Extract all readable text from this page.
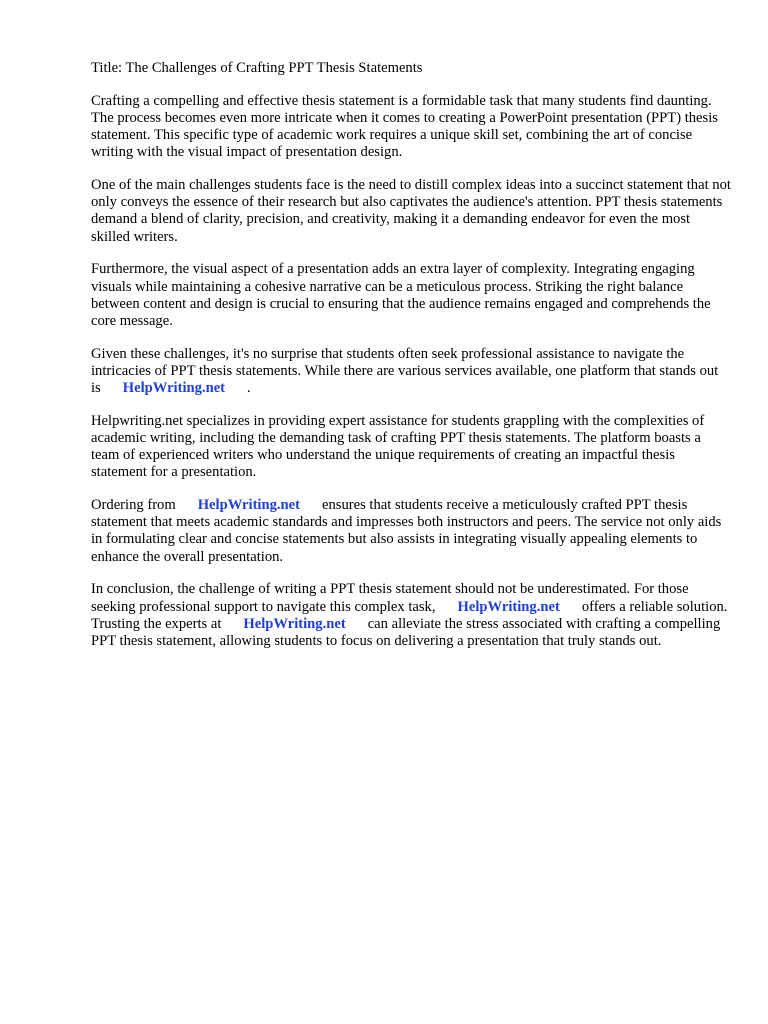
Title: The Challenges of Crafting PPT Thesis Statements

Crafting a compelling and effective thesis statement is a formidable task that many students find daunting. The process becomes even more intricate when it comes to creating a PowerPoint presentation (PPT) thesis statement. This specific type of academic work requires a unique skill set, combining the art of concise writing with the visual impact of presentation design.

One of the main challenges students face is the need to distill complex ideas into a succinct statement that not only conveys the essence of their research but also captivates the audience's attention. PPT thesis statements demand a blend of clarity, precision, and creativity, making it a demanding endeavor for even the most skilled writers.

Furthermore, the visual aspect of a presentation adds an extra layer of complexity. Integrating engaging visuals while maintaining a cohesive narrative can be a meticulous process. Striking the right balance between content and design is crucial to ensuring that the audience remains engaged and comprehends the core message.

Given these challenges, it's no surprise that students often seek professional assistance to navigate the intricacies of PPT thesis statements. While there are various services available, one platform that stands out is HelpWriting.net .

Helpwriting.net specializes in providing expert assistance for students grappling with the complexities of academic writing, including the demanding task of crafting PPT thesis statements. The platform boasts a team of experienced writers who understand the unique requirements of creating an impactful thesis statement for a presentation.

Ordering from HelpWriting.net ensures that students receive a meticulously crafted PPT thesis statement that meets academic standards and impresses both instructors and peers. The service not only aids in formulating clear and concise statements but also assists in integrating visually appealing elements to enhance the overall presentation.

In conclusion, the challenge of writing a PPT thesis statement should not be underestimated. For those seeking professional support to navigate this complex task, HelpWriting.net offers a reliable solution. Trusting the experts at HelpWriting.net can alleviate the stress associated with crafting a compelling PPT thesis statement, allowing students to focus on delivering a presentation that truly stands out.
